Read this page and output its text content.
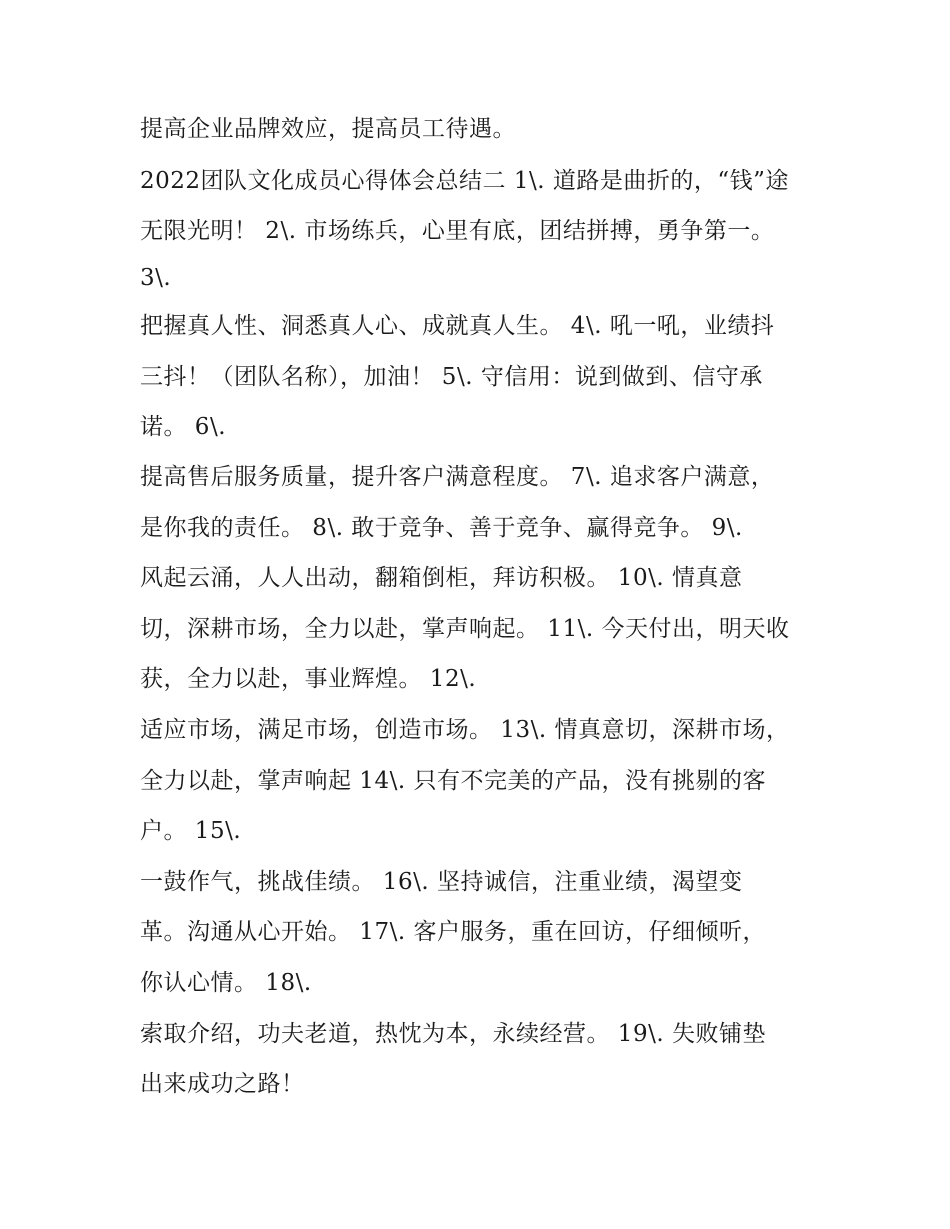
提高企业品牌效应，提高员工待遇。

2022团队文化成员心得体会总结二 1\. 道路是曲折的，“钱”途

无限光明！ 2\. 市场练兵，心里有底，团结拼搏，勇争第一。

3\.

把握真人性、洞悉真人心、成就真人生。 4\. 吼一吼，业绩抖

三抖！（团队名称），加油！ 5\. 守信用：说到做到、信守承

诺。 6\.

提高售后服务质量，提升客户满意程度。 7\. 追求客户满意，

是你我的责任。 8\. 敢于竞争、善于竞争、赢得竞争。 9\.

风起云涌，人人出动，翻箱倒柜，拜访积极。 10\. 情真意

切，深耕市场，全力以赴，掌声响起。 11\. 今天付出，明天收

获，全力以赴，事业辉煌。 12\.

适应市场，满足市场，创造市场。 13\. 情真意切，深耕市场，

全力以赴，掌声响起 14\. 只有不完美的产品，没有挑剔的客

户。 15\.

一鼓作气，挑战佳绩。 16\. 坚持诚信，注重业绩，渴望变

革。沟通从心开始。 17\. 客户服务，重在回访，仔细倾听，

你认心情。 18\.

索取介绍，功夫老道，热忱为本，永续经营。 19\. 失败铺垫

出来成功之路！
